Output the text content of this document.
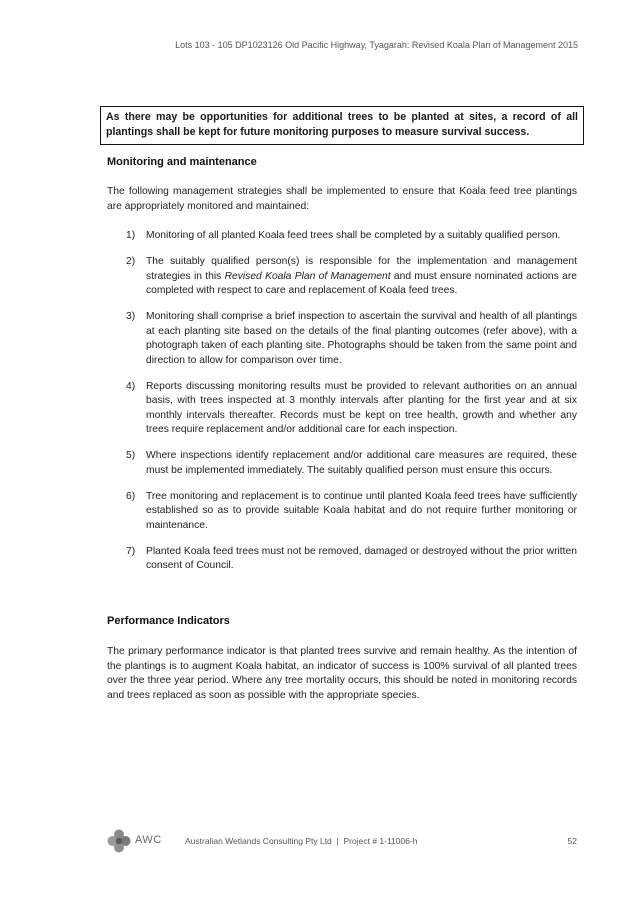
Lots 103 - 105 DP1023126 Old Pacific Highway, Tyagarah: Revised Koala Plan of Management 2015
As there may be opportunities for additional trees to be planted at sites, a record of all plantings shall be kept for future monitoring purposes to measure survival success.
Monitoring and maintenance
The following management strategies shall be implemented to ensure that Koala feed tree plantings are appropriately monitored and maintained:
1)	Monitoring of all planted Koala feed trees shall be completed by a suitably qualified person.
2)	The suitably qualified person(s) is responsible for the implementation and management strategies in this Revised Koala Plan of Management and must ensure nominated actions are completed with respect to care and replacement of Koala feed trees.
3)	Monitoring shall comprise a brief inspection to ascertain the survival and health of all plantings at each planting site based on the details of the final planting outcomes (refer above), with a photograph taken of each planting site. Photographs should be taken from the same point and direction to allow for comparison over time.
4)	Reports discussing monitoring results must be provided to relevant authorities on an annual basis, with trees inspected at 3 monthly intervals after planting for the first year and at six monthly intervals thereafter. Records must be kept on tree health, growth and whether any trees require replacement and/or additional care for each inspection.
5)	Where inspections identify replacement and/or additional care measures are required, these must be implemented immediately. The suitably qualified person must ensure this occurs.
6)	Tree monitoring and replacement is to continue until planted Koala feed trees have sufficiently established so as to provide suitable Koala habitat and do not require further monitoring or maintenance.
7)	Planted Koala feed trees must not be removed, damaged or destroyed without the prior written consent of Council.
Performance Indicators
The primary performance indicator is that planted trees survive and remain healthy. As the intention of the plantings is to augment Koala habitat, an indicator of success is 100% survival of all planted trees over the three year period. Where any tree mortality occurs, this should be noted in monitoring records and trees replaced as soon as possible with the appropriate species.
AWC	Australian Wetlands Consulting Pty Ltd | Project # 1-11006-h	52
